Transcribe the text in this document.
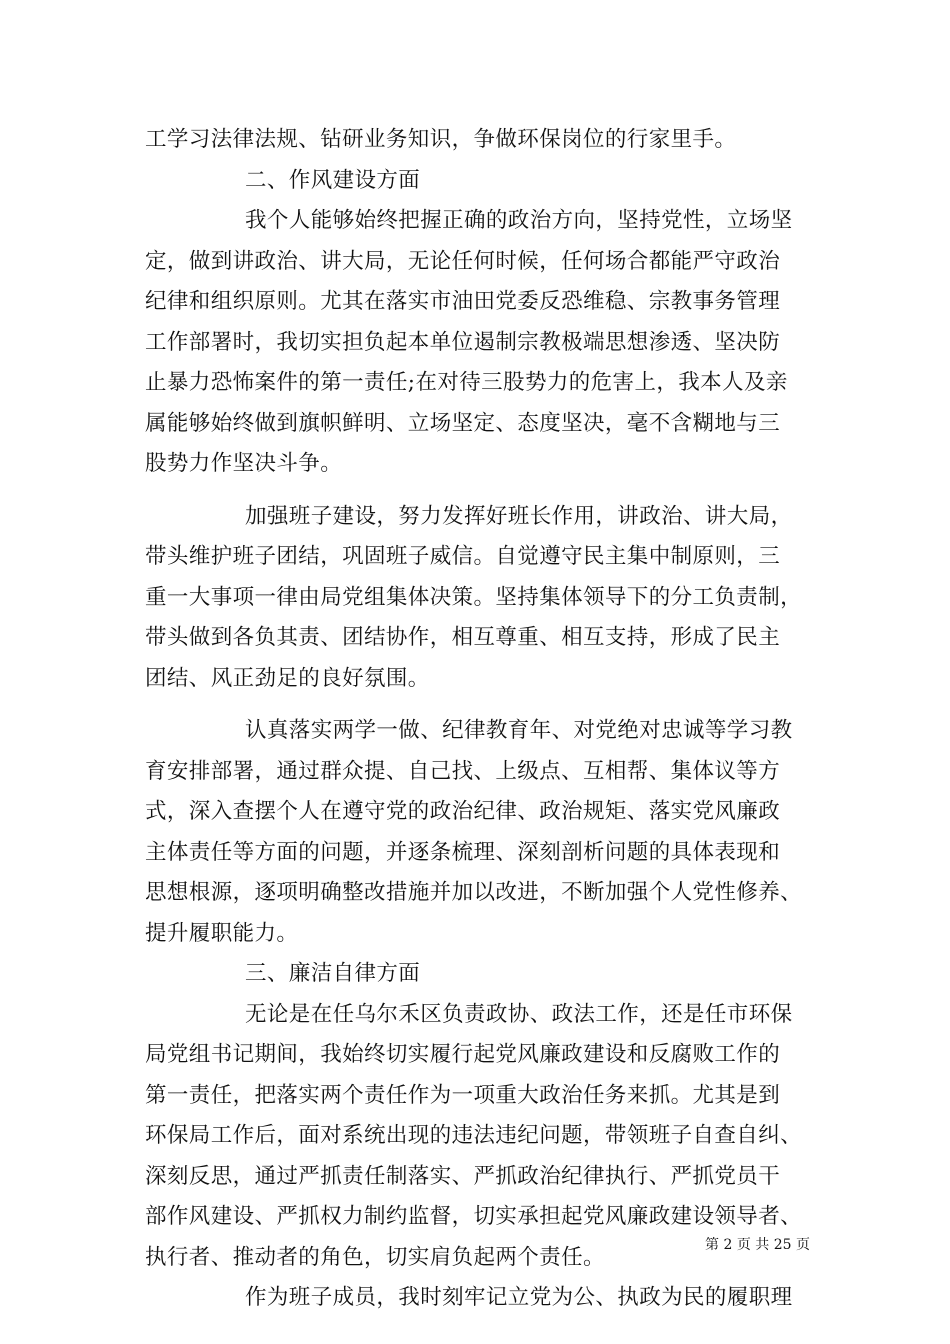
工学习法律法规、钻研业务知识，争做环保岗位的行家里手。
二、作风建设方面
我个人能够始终把握正确的政治方向，坚持党性，立场坚
定，做到讲政治、讲大局，无论任何时候，任何场合都能严守政治
纪律和组织原则。尤其在落实市油田党委反恐维稳、宗教事务管理
工作部署时，我切实担负起本单位遏制宗教极端思想渗透、坚决防
止暴力恐怖案件的第一责任;在对待三股势力的危害上，我本人及亲
属能够始终做到旗帜鲜明、立场坚定、态度坚决，毫不含糊地与三
股势力作坚决斗争。
加强班子建设，努力发挥好班长作用，讲政治、讲大局，
带头维护班子团结，巩固班子威信。自觉遵守民主集中制原则，三
重一大事项一律由局党组集体决策。坚持集体领导下的分工负责制，
带头做到各负其责、团结协作，相互尊重、相互支持，形成了民主
团结、风正劲足的良好氛围。
认真落实两学一做、纪律教育年、对党绝对忠诚等学习教
育安排部署，通过群众提、自己找、上级点、互相帮、集体议等方
式，深入查摆个人在遵守党的政治纪律、政治规矩、落实党风廉政
主体责任等方面的问题，并逐条梳理、深刻剖析问题的具体表现和
思想根源，逐项明确整改措施并加以改进，不断加强个人党性修养、
提升履职能力。
三、廉洁自律方面
无论是在任乌尔禾区负责政协、政法工作，还是任市环保
局党组书记期间，我始终切实履行起党风廉政建设和反腐败工作的
第一责任，把落实两个责任作为一项重大政治任务来抓。尤其是到
环保局工作后，面对系统出现的违法违纪问题，带领班子自查自纠、
深刻反思，通过严抓责任制落实、严抓政治纪律执行、严抓党员干
部作风建设、严抓权力制约监督，切实承担起党风廉政建设领导者、
执行者、推动者的角色，切实肩负起两个责任。
作为班子成员，我时刻牢记立党为公、执政为民的履职理
第 2 页 共 25 页
